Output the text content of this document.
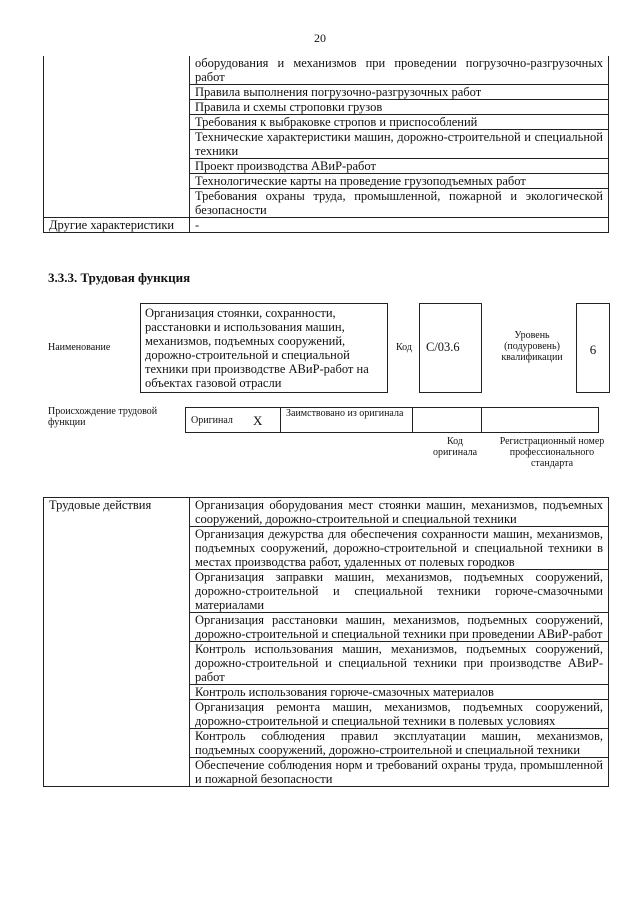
20
	оборудования и механизмов при проведении погрузочно-разгрузочных работ
	Правила выполнения погрузочно-разгрузочных работ
	Правила и схемы строповки грузов
	Требования к выбраковке стропов и приспособлений
	Технические характеристики машин, дорожно-строительной и специальной техники
	Проект производства АВиР-работ
	Технологические карты на проведение грузоподъемных работ
	Требования охраны труда, промышленной, пожарной и экологической безопасности
Другие характеристики	-
3.3.3. Трудовая функция
Наименование
Организация стоянки, сохранности, расстановки и использования машин, механизмов, подъемных сооружений, дорожно-строительной и специальной техники при производстве АВиР-работ на объектах газовой отрасли
Код	С/03.6
Уровень (подуровень) квалификации
6
Происхождение трудовой функции	Оригинал	X	Заимствовано из оригинала		
Код оригинала
Регистрационный номер профессионального стандарта
Трудовые действия	Организация оборудования мест стоянки машин, механизмов, подъемных сооружений, дорожно-строительной и специальной техники
Организация дежурства для обеспечения сохранности машин, механизмов, подъемных сооружений, дорожно-строительной и специальной техники в местах производства работ, удаленных от полевых городков
Организация заправки машин, механизмов, подъемных сооружений, дорожно-строительной и специальной техники горюче-смазочными материалами
Организация расстановки машин, механизмов, подъемных сооружений, дорожно-строительной и специальной техники при проведении АВиР-работ
Контроль использования машин, механизмов, подъемных сооружений, дорожно-строительной и специальной техники при производстве АВиР-работ
Контроль использования горюче-смазочных материалов
Организация ремонта машин, механизмов, подъемных сооружений, дорожно-строительной и специальной техники в полевых условиях
Контроль соблюдения правил эксплуатации машин, механизмов, подъемных сооружений, дорожно-строительной и специальной техники
Обеспечение соблюдения норм и требований охраны труда, промышленной и пожарной безопасности
